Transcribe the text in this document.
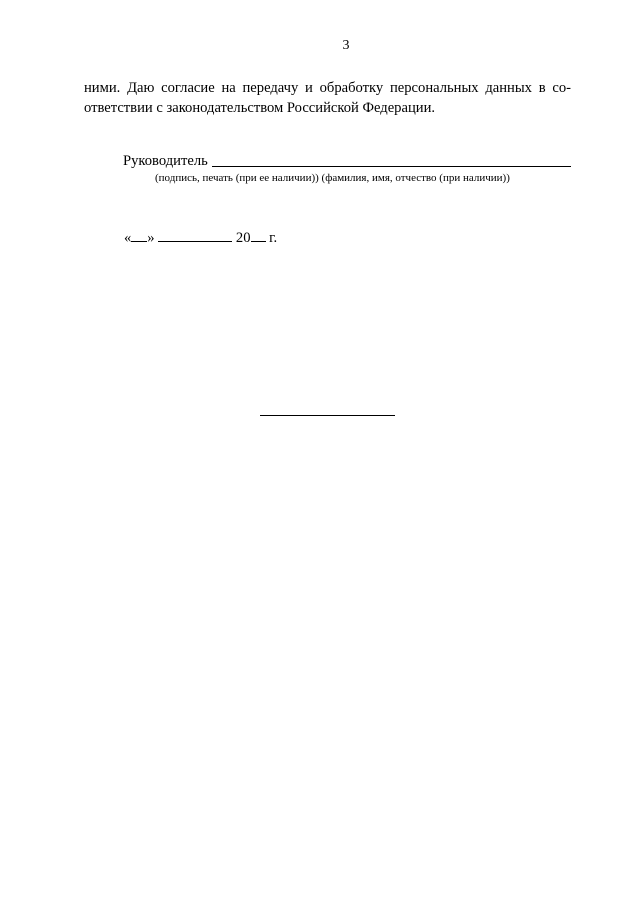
3
ними. Даю согласие на передачу и обработку персональных данных в со-
ответствии с законодательством Российской Федерации.
Руководитель
(подпись, печать (при ее наличии)) (фамилия, имя, отчество (при наличии))
« »	20 г.
